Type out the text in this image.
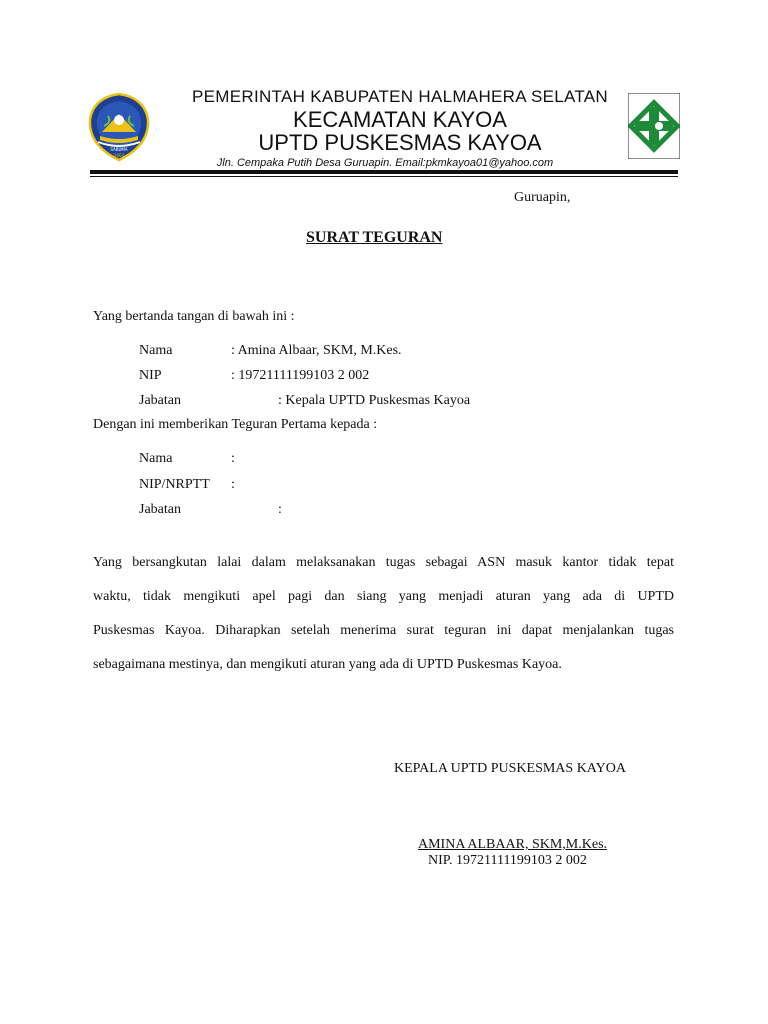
SARUMA
2003
PEMERINTAH KABUPATEN HALMAHERA SELATAN
KECAMATAN KAYOA
UPTD PUSKESMAS KAYOA
Jln. Cempaka Putih Desa Guruapin. Email:pkmkayoa01@yahoo.com
Guruapin,
SURAT TEGURAN
Yang bertanda tangan di bawah ini :
Nama	: Amina Albaar, SKM, M.Kes.
NIP	: 19721111199103 2 002
Jabatan	: Kepala UPTD Puskesmas Kayoa
Dengan ini memberikan Teguran Pertama kepada :
Nama	:
NIP/NRPTT :
Jabatan	:
Yang bersangkutan lalai dalam melaksanakan tugas sebagai ASN masuk kantor tidak tepat
waktu, tidak mengikuti apel pagi dan siang yang menjadi aturan yang ada di UPTD
Puskesmas Kayoa. Diharapkan setelah menerima surat teguran ini dapat menjalankan tugas
sebagaimana mestinya, dan mengikuti aturan yang ada di UPTD Puskesmas Kayoa.
KEPALA UPTD PUSKESMAS KAYOA
AMINA ALBAAR, SKM,M.Kes.
NIP. 19721111199103 2 002
